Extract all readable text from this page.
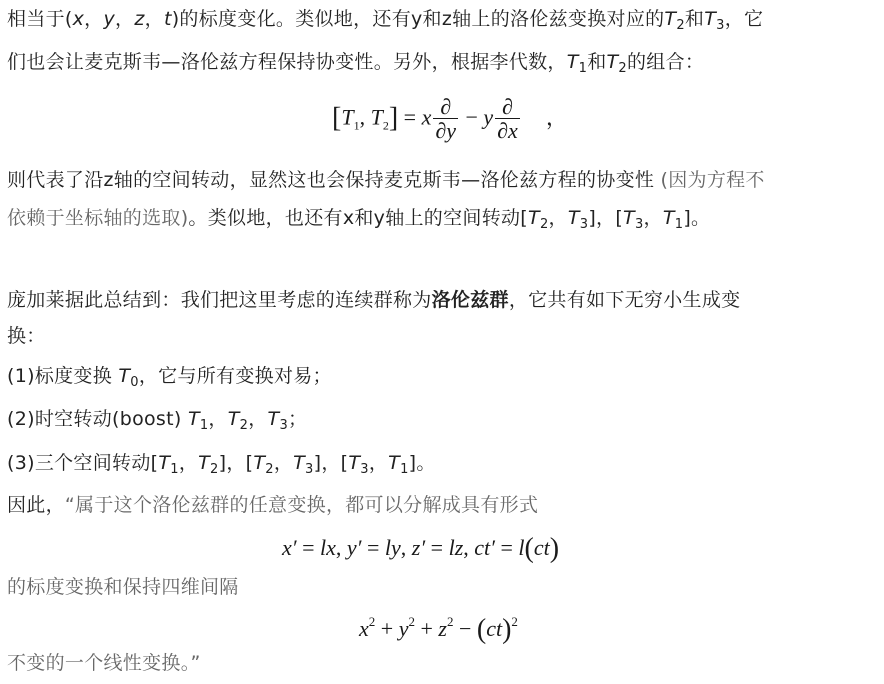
相当于(x，y，z，t)的标度变化。类似地，还有y和z轴上的洛伦兹变换对应的$T_2$和$T_3$，它

们也会让麦克斯韦—洛伦兹方程保持协变性。另外，根据李代数，$T_1$和$T_2$的组合：

[$T_1$, $T_2] = x \frac{\partial}{\partial y} - y \frac{\partial}{\partial x}$ ，

则代表了沿z轴的空间转动，显然这也会保持麦克斯韦—洛伦兹方程的协变性 (因为方程不

依赖于坐标轴的选取)。类似地，也还有x和y轴上的空间转动[$T_2$，$T_3$]，[$T_3$，$T_1$]。

庞加莱据此总结到：我们把这里考虑的连续群称为洛伦兹群，它共有如下无穷小生成变

换：

(1)标度变换 $T_0$，它与所有变换对易；

(2)时空转动(boost) $T_1$，$T_2$，$T_3$；

(3)三个空间转动[$T_1$，$T_2$]，[$T_2$，$T_3$]，[$T_3$，$T_1$]。

因此，“属于这个洛伦兹群的任意变换，都可以分解成具有形式

x′ = lx, y′ = ly, z′ = lz, ct′ = l(ct)

的标度变换和保持四维间隔

$x^2 + y^2 + z^2 - (ct)^2$

不变的一个线性变换。”
